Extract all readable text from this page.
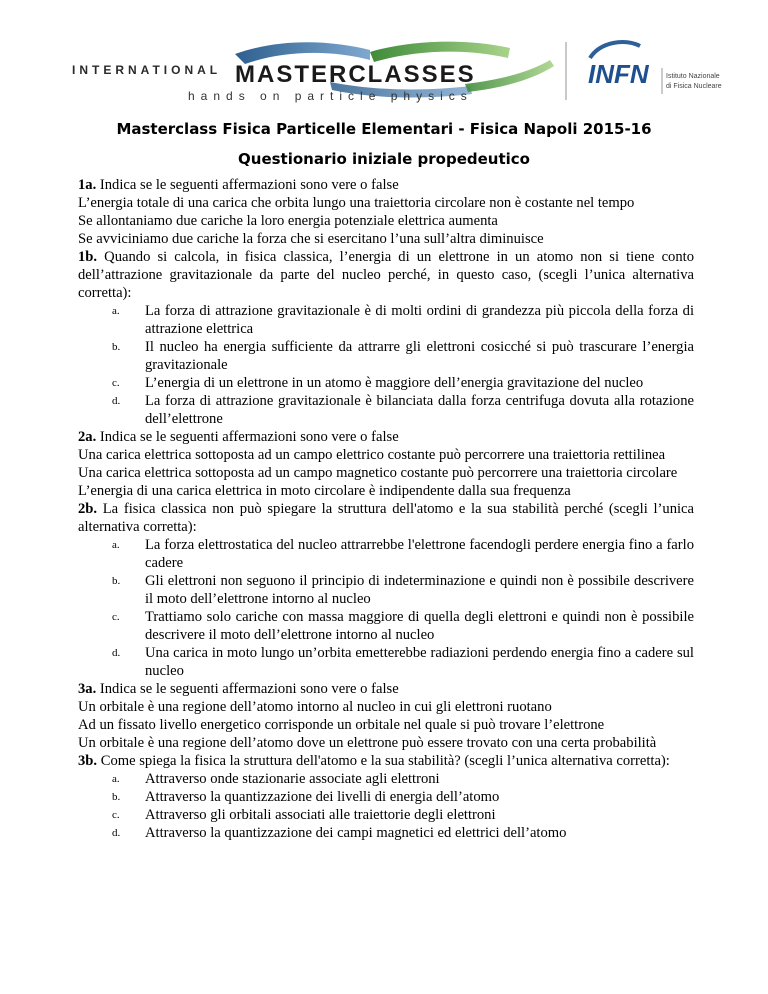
INTERNATIONAL MASTERCLASSES
hands on particle physics
INFN Istituto Nazionale
di Fisica Nucleare
Masterclass Fisica Particelle Elementari - Fisica Napoli 2015-16
Questionario iniziale propedeutico

1a. Indica se le seguenti affermazioni sono vere o false

L’energia totale di una carica che orbita lungo una traiettoria circolare non è costante nel tempo

Se allontaniamo due cariche la loro energia potenziale elettrica aumenta

Se avviciniamo due cariche la forza che si esercitano l’una sull’altra diminuisce

1b. Quando si calcola, in fisica classica, l’energia di un elettrone in un atomo non si tiene conto dell’attrazione gravitazionale da parte del nucleo perché, in questo caso, (scegli l’unica alternativa corretta):

a. La forza di attrazione gravitazionale è di molti ordini di grandezza più piccola della forza di attrazione elettrica
b. Il nucleo ha energia sufficiente da attrarre gli elettroni cosicché si può trascurare l’energia gravitazionale
c. L’energia di un elettrone in un atomo è maggiore dell’energia gravitazione del nucleo
d. La forza di attrazione gravitazionale è bilanciata dalla forza centrifuga dovuta alla rotazione dell’elettrone

2a. Indica se le seguenti affermazioni sono vere o false

Una carica elettrica sottoposta ad un campo elettrico costante può percorrere una traiettoria rettilinea

Una carica elettrica sottoposta ad un campo magnetico costante può percorrere una traiettoria circolare

L’energia di una carica elettrica in moto circolare è indipendente dalla sua frequenza

2b. La fisica classica non può spiegare la struttura dell'atomo e la sua stabilità perché (scegli l’unica alternativa corretta):

a. La forza elettrostatica del nucleo attrarrebbe l'elettrone facendogli perdere energia fino a farlo cadere
b. Gli elettroni non seguono il principio di indeterminazione e quindi non è possibile descrivere il moto dell’elettrone intorno al nucleo
c. Trattiamo solo cariche con massa maggiore di quella degli elettroni e quindi non è possibile descrivere il moto dell’elettrone intorno al nucleo
d. Una carica in moto lungo un’orbita emetterebbe radiazioni perdendo energia fino a cadere sul nucleo

3a. Indica se le seguenti affermazioni sono vere o false

Un orbitale è una regione dell’atomo intorno al nucleo in cui gli elettroni ruotano

Ad un fissato livello energetico corrisponde un orbitale nel quale si può trovare l’elettrone

Un orbitale è una regione dell’atomo dove un elettrone può essere trovato con una certa probabilità

3b. Come spiega la fisica la struttura dell'atomo e la sua stabilità? (scegli l’unica alternativa corretta):

a. Attraverso onde stazionarie associate agli elettroni
b. Attraverso la quantizzazione dei livelli di energia dell’atomo
c. Attraverso gli orbitali associati alle traiettorie degli elettroni
d. Attraverso la quantizzazione dei campi magnetici ed elettrici dell’atomo
